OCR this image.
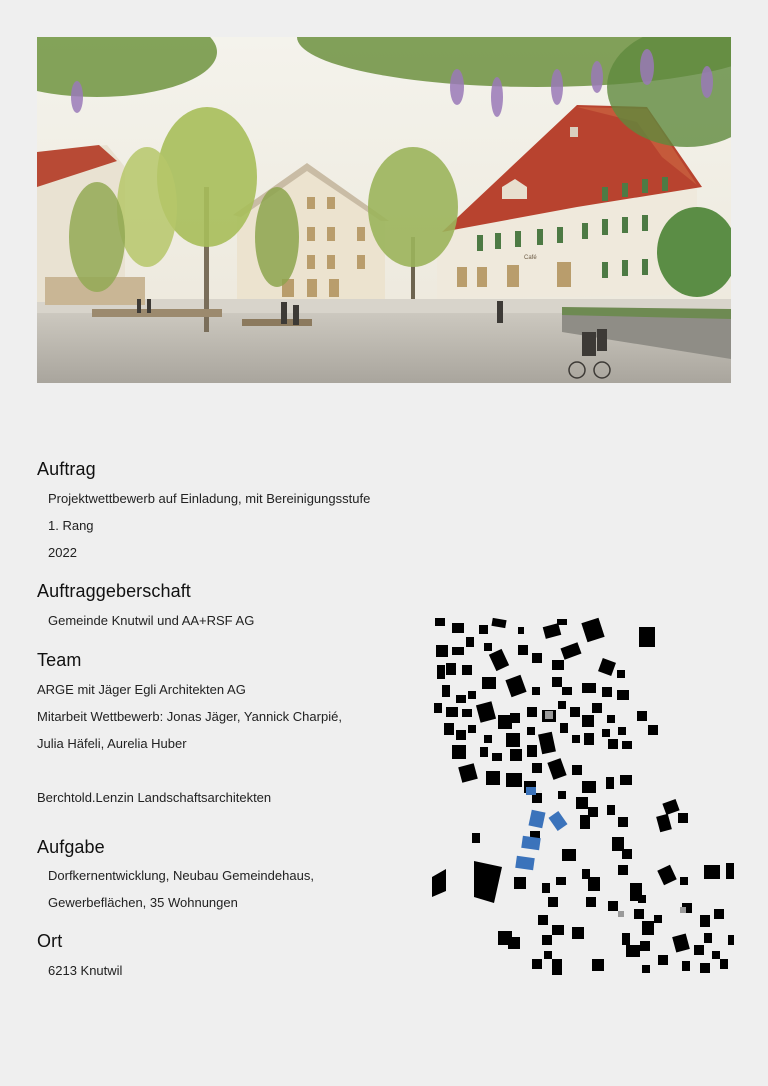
Café
Auftrag
Projektwettbewerb auf Einladung, mit Bereinigungsstufe
1. Rang
2022
Auftraggeberschaft
Gemeinde Knutwil und AA+RSF AG
Team
ARGE mit Jäger Egli Architekten AG
Mitarbeit Wettbewerb: Jonas Jäger, Yannick Charpié,
Julia Häfeli, Aurelia Huber
Berchtold.Lenzin Landschaftsarchitekten
Aufgabe
Dorfkernentwicklung, Neubau Gemeindehaus,
Gewerbeflächen, 35 Wohnungen
Ort
6213 Knutwil
